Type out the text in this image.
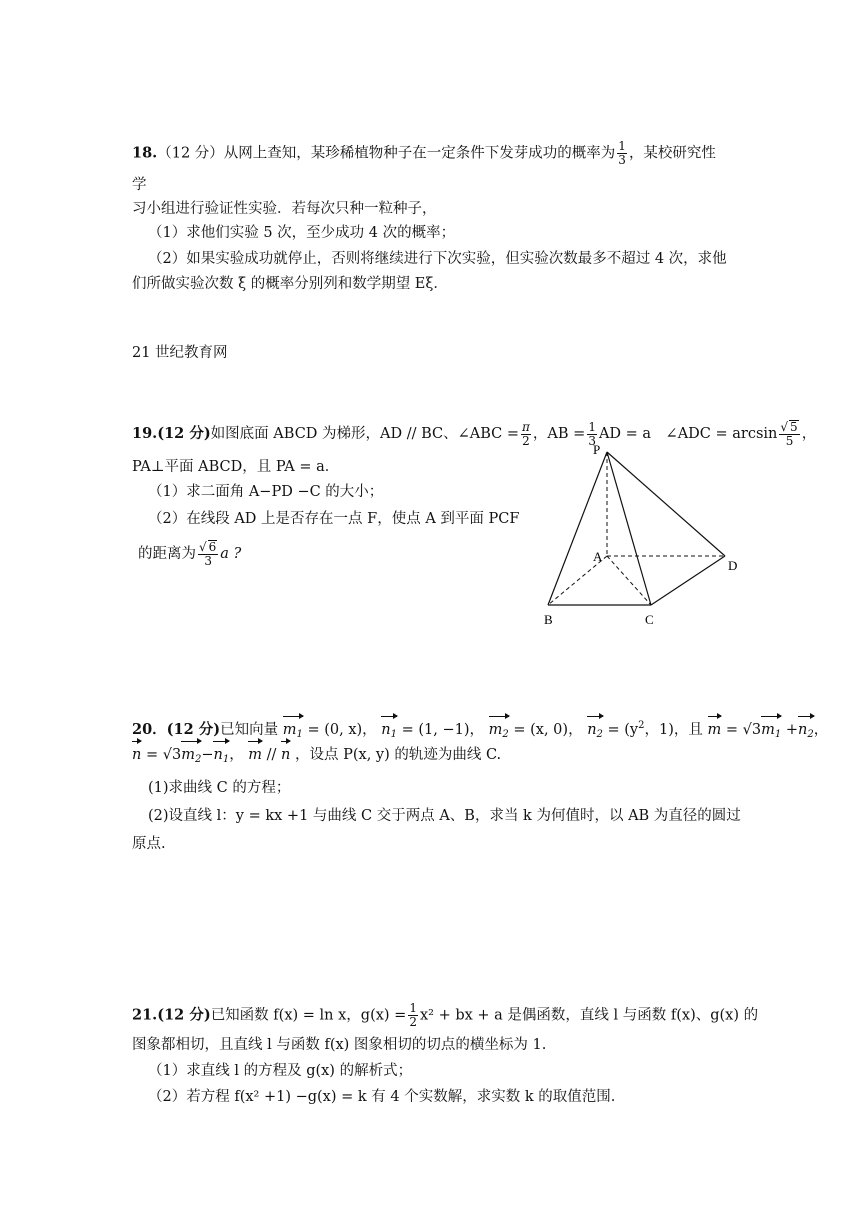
18.（12 分）从网上查知，某珍稀植物种子在一定条件下发芽成功的概率为 $\frac{1}{3}$ ，某校研究性
学
习小组进行验证性实验．若每次只种一粒种子，
（1）求他们实验 5 次，至少成功 4 次的概率；
（2）如果实验成功就停止，否则将继续进行下次实验，但实验次数最多不超过 4 次，求他
们所做实验次数 ξ 的概率分别列和数学期望 Eξ．
21 世纪教育网
19.(12 分)如图底面 ABCD 为梯形，AD // BC、∠ABC = $\frac{\pi}{2}$ ，AB = $\frac{1}{3}$ AD = a　∠ADC = $\arcsin \frac{√ 5}{5}$ ，
PA⊥平面 ABCD，且 PA = a．
（1）求二面角 A−PD −C 的大小；
（2）在线段 AD 上是否存在一点 F，使点 A 到平面 PCF
的距离为 $\frac{√ 6}{3}$ a ?
P
A
D
B	C
20．(12 分)已知向量 $m_1 = (0$, x)， $n_1 = (1$, −1)， $m_2 = (x$, 0)， $n_2 = (y^2$，1)，且 $m = √3m_1 +n_2$，
$n = √3m_2-n_1$， m // n ，设点 P(x, y) 的轨迹为曲线 C.
(1)求曲线 C 的方程；
(2)设直线 l：y = kx +1 与曲线 C 交于两点 A、B，求当 k 为何值时，以 AB 为直径的圆过
原点.
21.(12 分)已知函数 f(x) = ln x，$g(x) = \frac{1}{2} x^2$ + bx + a 是偶函数，直线 l 与函数 f(x)、g(x) 的
图象都相切，且直线 l 与函数 f(x) 图象相切的切点的横坐标为 1.
（1）求直线 l 的方程及 g(x) 的解析式；
（2）若方程 f(x² +1) −g(x) = k 有 4 个实数解，求实数 k 的取值范围.
